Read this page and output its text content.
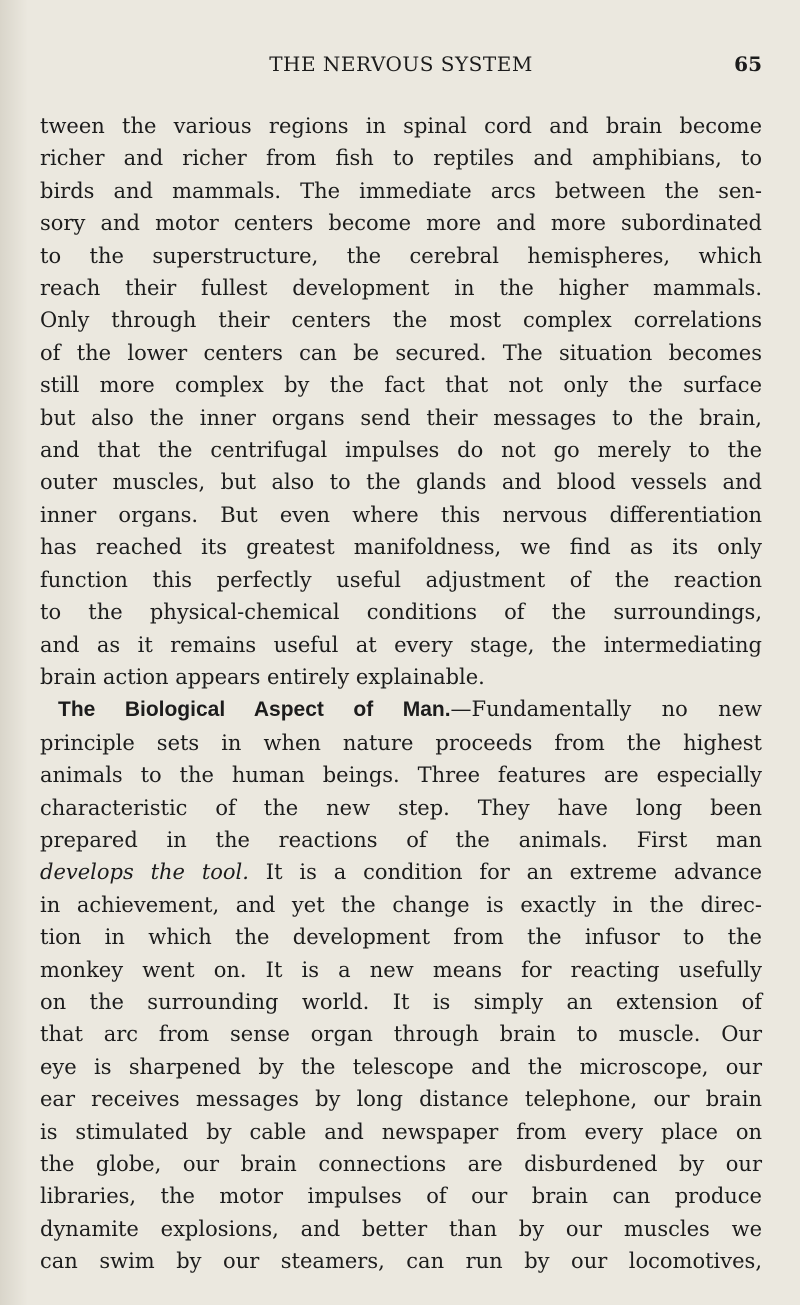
THE NERVOUS SYSTEM	65
tween the various regions in spinal cord and brain become
richer and richer from fish to reptiles and amphibians, to
birds and mammals. The immediate arcs between the sen-
sory and motor centers become more and more subordinated
to the superstructure, the cerebral hemispheres, which
reach their fullest development in the higher mammals.
Only through their centers the most complex correlations
of the lower centers can be secured. The situation becomes
still more complex by the fact that not only the surface
but also the inner organs send their messages to the brain,
and that the centrifugal impulses do not go merely to the
outer muscles, but also to the glands and blood vessels and
inner organs. But even where this nervous differentiation
has reached its greatest manifoldness, we find as its only
function this perfectly useful adjustment of the reaction
to the physical-chemical conditions of the surroundings,
and as it remains useful at every stage, the intermediating
brain action appears entirely explainable.
The Biological Aspect of Man.—Fundamentally no new
principle sets in when nature proceeds from the highest
animals to the human beings. Three features are especially
characteristic of the new step. They have long been
prepared in the reactions of the animals. First man
develops the tool. It is a condition for an extreme advance
in achievement, and yet the change is exactly in the direc-
tion in which the development from the infusor to the
monkey went on. It is a new means for reacting usefully
on the surrounding world. It is simply an extension of
that arc from sense organ through brain to muscle. Our
eye is sharpened by the telescope and the microscope, our
ear receives messages by long distance telephone, our brain
is stimulated by cable and newspaper from every place on
the globe, our brain connections are disburdened by our
libraries, the motor impulses of our brain can produce
dynamite explosions, and better than by our muscles we
can swim by our steamers, can run by our locomotives,
